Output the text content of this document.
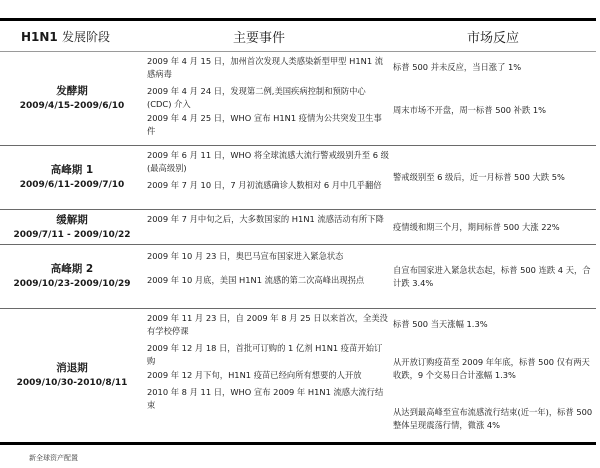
H1N1 发展阶段	主要事件	市场反应
发酵期
2009/4/15-2009/6/10
2009 年 4 月 15 日，加州首次发现人类感染新型甲型 H1N1 流感病毒
2009 年 4 月 24 日，发现第二例,美国疾病控制和预防中心(CDC) 介入
2009 年 4 月 25 日，WHO 宣布 H1N1 疫情为公共突发卫生事件
标普 500 并未反应，当日涨了 1%
周末市场不开盘，周一标普 500 补跌 1%
高峰期 1
2009/6/11-2009/7/10
2009 年 6 月 11 日，WHO 将全球流感大流行警戒级别升至 6 级(最高级别)
2009 年 7 月 10 日，7 月初流感确诊人数相对 6 月中几乎翻倍
警戒级别至 6 级后，近一月标普 500 大跌 5%
缓解期
2009/7/11 - 2009/10/22
2009 年 7 月中旬之后，大多数国家的 H1N1 流感活动有所下降
疫情缓和期三个月，期间标普 500 大涨 22%
高峰期 2
2009/10/23-2009/10/29
2009 年 10 月 23 日，奥巴马宣布国家进入紧急状态
2009 年 10 月底，美国 H1N1 流感的第二次高峰出现拐点
自宣布国家进入紧急状态起，标普 500 连跌 4 天，合计跌 3.4%
消退期
2009/10/30-2010/8/11
2009 年 11 月 23 日，自 2009 年 8 月 25 日以来首次，全美没有学校停课
2009 年 12 月 18 日，首批可订购的 1 亿剂 H1N1 疫苗开始订购
2009 年 12 月下旬，H1N1 疫苗已经向所有想要的人开放
2010 年 8 月 11 日，WHO 宣布 2009 年 H1N1 流感大流行结束
标普 500 当天涨幅 1.3%
从开放订购疫苗至 2009 年年底，标普 500 仅有两天收跌，9 个交易日合计涨幅 1.3%
从达到最高峰至宣布流感流行结束(近一年)，标普 500 整体呈现震荡行情，微涨 4%
新全球资产配置
